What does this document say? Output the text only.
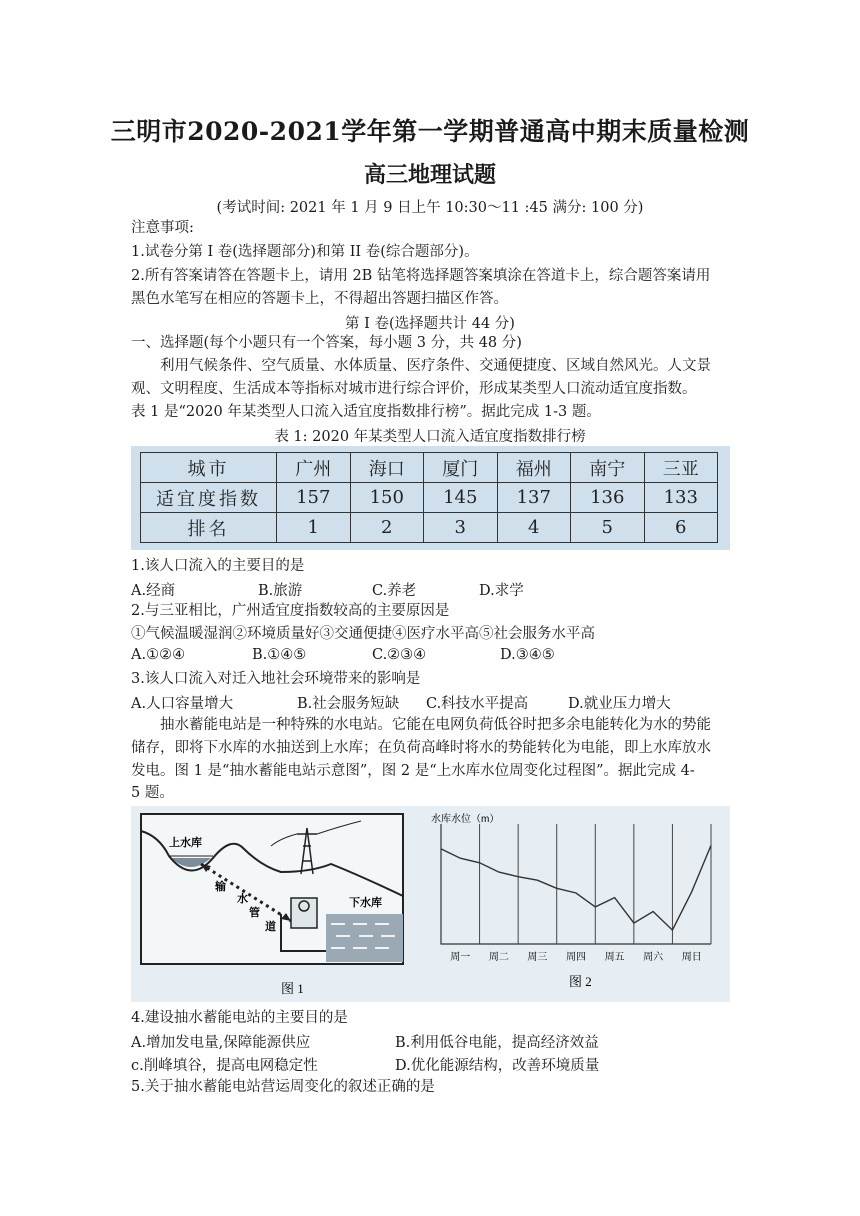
三明市2020-2021学年第一学期普通高中期末质量检测
高三地理试题
(考试时间: 2021 年 1 月 9 日上午 10:30～11 :45 满分: 100 分)
注意事项:
1.试卷分第 I 卷(选择题部分)和第 II 卷(综合题部分)。
2.所有答案请答在答题卡上，请用 2B 钻笔将选择题答案填涂在答道卡上，综合题答案请用
黑色水笔写在相应的答题卡上，不得超出答题扫描区作答。
第 I 卷(选择题共计 44 分)
一、选择题(每个小题只有一个答案，每小题 3 分，共 48 分)
利用气候条件、空气质量、水体质量、医疗条件、交通便捷度、区域自然风光。人文景
观、文明程度、生活成本等指标对城市进行综合评价，形成某类型人口流动适宜度指数。
表 1 是“2020 年某类型人口流入适宜度指数排行榜”。据此完成 1-3 题。
表 1: 2020 年某类型人口流入适宜度指数排行榜
城市	广州	海口	厦门	福州	南宁	三亚
适宜度指数	157	150	145	137	136	133
排名	1	2	3	4	5	6
1.该人口流入的主要目的是
A.经商	B.旅游	C.养老	D.求学
2.与三亚相比，广州适宜度指数较高的主要原因是
①气候温暖湿润②环境质量好③交通便捷④医疗水平高⑤社会服务水平高
A.①②④	B.①④⑤	C.②③④	D.③④⑤
3.该人口流入对迁入地社会环境带来的影响是
A.人口容量增大	B.社会服务短缺 C.科技水平提高	D.就业压力增大
抽水蓄能电站是一种特殊的水电站。它能在电网负荷低谷时把多余电能转化为水的势能
储存，即将下水库的水抽送到上水库；在负荷高峰时将水的势能转化为电能，即上水库放水
发电。图 1 是“抽水蓄能电站示意图”，图 2 是“上水库水位周变化过程图”。据此完成 4-
5 题。
上水库
下水库
输
水
管
道
图 1
水库水位（m）
周一 周二 周三 周四 周五 周六 周日
图 2
4.建设抽水蓄能电站的主要目的是
A.增加发电量,保障能源供应	B.利用低谷电能，提高经济效益
c.削峰填谷，提高电网稳定性	D.优化能源结构，改善环境质量
5.关于抽水蓄能电站营运周变化的叙述正确的是
